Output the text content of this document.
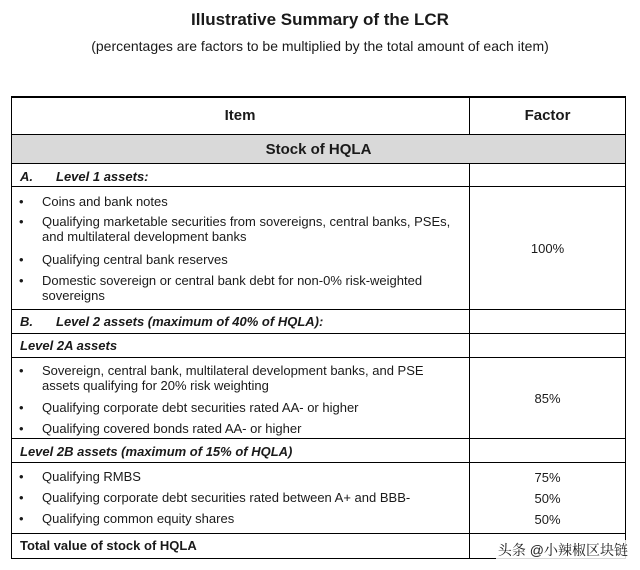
Illustrative Summary of the LCR
(percentages are factors to be multiplied by the total amount of each item)
Item	Factor
Stock of HQLA
A. Level 1 assets:
• Coins and bank notes
• Qualifying marketable securities from sovereigns, central banks, PSEs, and multilateral development banks
• Qualifying central bank reserves
• Domestic sovereign or central bank debt for non-0% risk-weighted sovereigns
100%
B. Level 2 assets (maximum of 40% of HQLA):
Level 2A assets
• Sovereign, central bank, multilateral development banks, and PSE assets qualifying for 20% risk weighting
• Qualifying corporate debt securities rated AA- or higher
• Qualifying covered bonds rated AA- or higher
85%
Level 2B assets (maximum of 15% of HQLA)
• Qualifying RMBS
• Qualifying corporate debt securities rated between A+ and BBB-
• Qualifying common equity shares
75%
50%
50%
Total value of stock of HQLA	头条 @小辣椒区块链
